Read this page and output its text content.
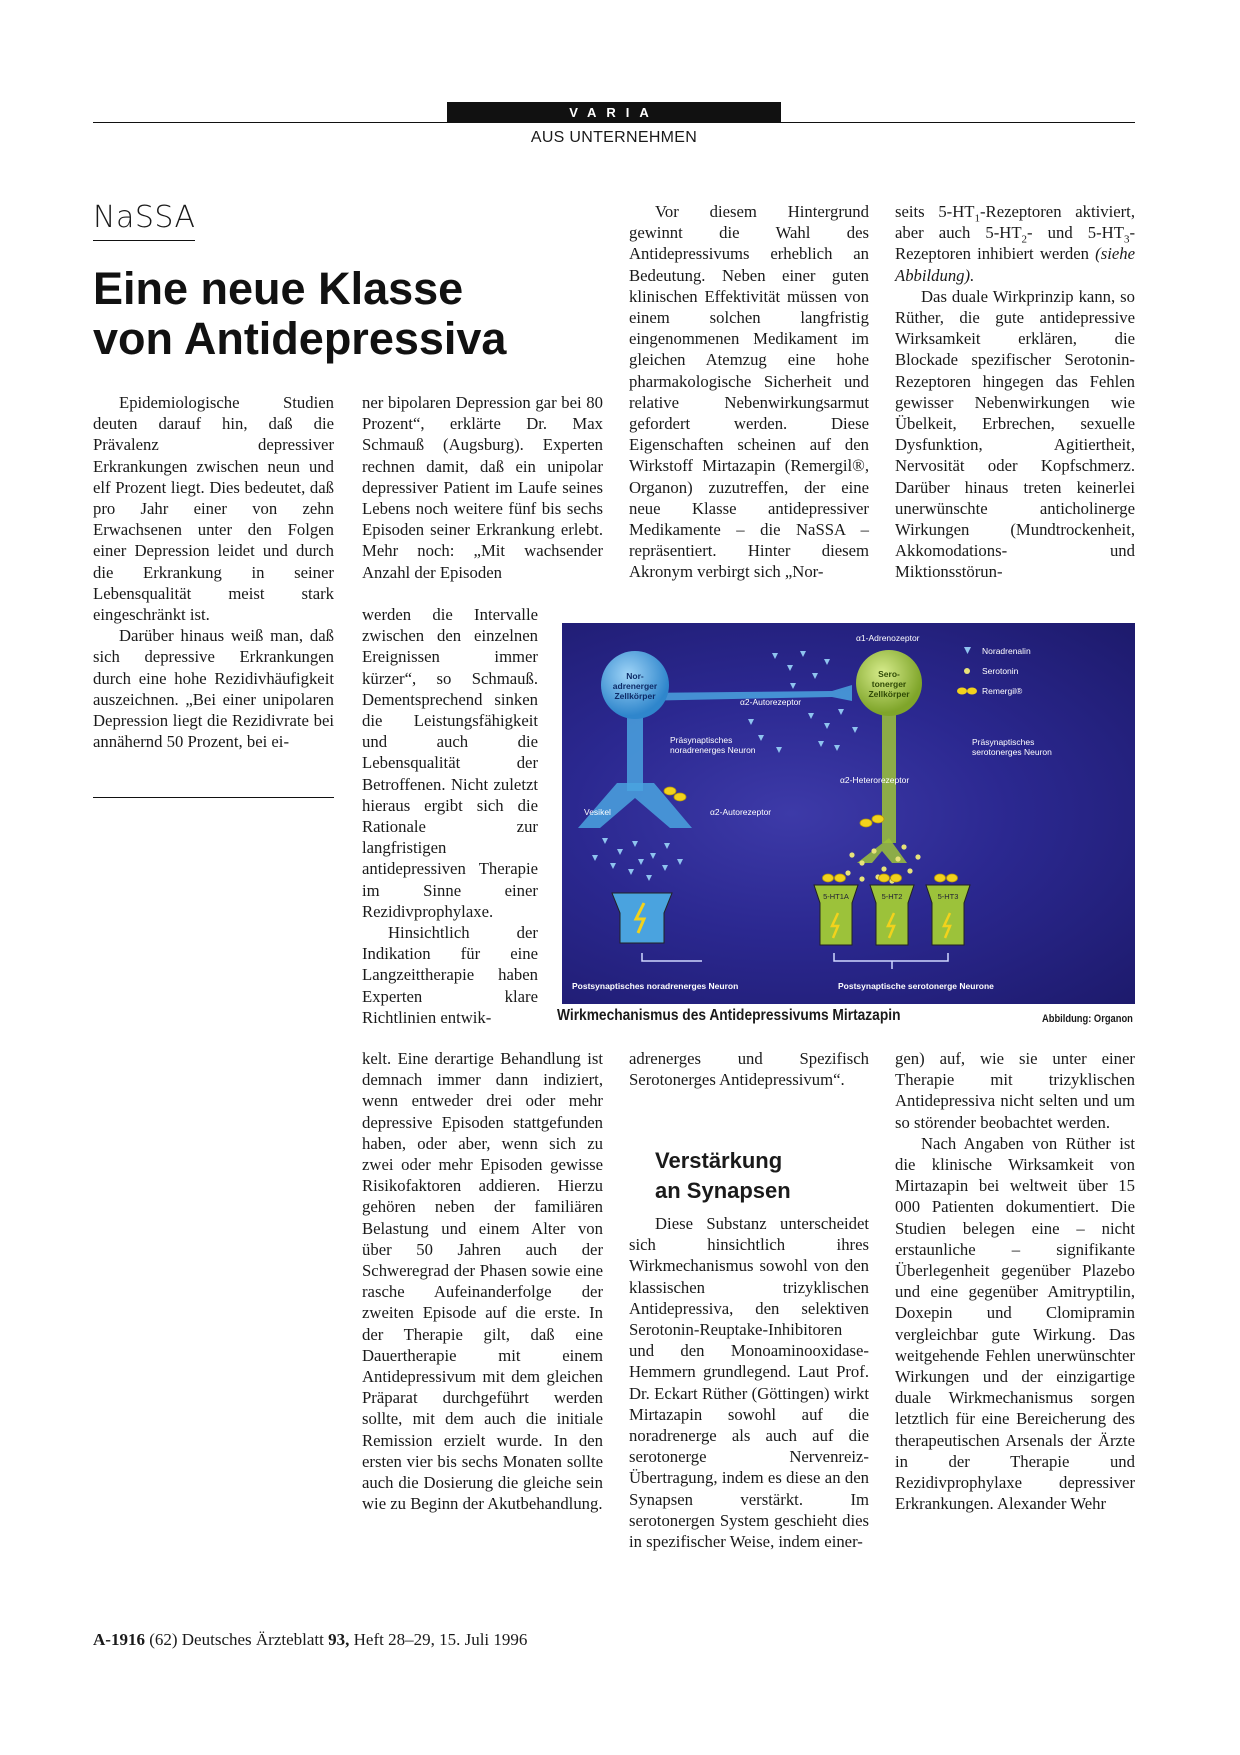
VARIA
AUS UNTERNEHMEN
NaSSA
Eine neue Klasse
von Antidepressiva

Epidemiologische Studien deuten darauf hin, daß die Prävalenz depressiver Erkrankungen zwischen neun und elf Prozent liegt. Dies bedeutet, daß pro Jahr einer von zehn Erwachsenen unter den Folgen einer Depression leidet und durch die Erkrankung in seiner Lebensqualität meist stark eingeschränkt ist.

Darüber hinaus weiß man, daß sich depressive Erkrankungen durch eine hohe Rezidivhäufigkeit auszeichnen. „Bei einer unipolaren Depression liegt die Rezidivrate bei annähernd 50 Prozent, bei ei-

ner bipolaren Depression gar bei 80 Prozent“, erklärte Dr. Max Schmauß (Augsburg). Experten rechnen damit, daß ein unipolar depressiver Patient im Laufe seines Lebens noch weitere fünf bis sechs Episoden seiner Erkrankung erlebt. Mehr noch: „Mit wachsender Anzahl der Episoden

werden die Intervalle zwischen den einzelnen Ereignissen immer kürzer“, so Schmauß. Dementsprechend sinken die Leistungsfähigkeit und auch die Lebensqualität der Betroffenen. Nicht zuletzt hieraus ergibt sich die Rationale zur langfristigen antidepressiven Therapie im Sinne einer Rezidivprophylaxe.

Hinsichtlich der Indikation für eine Langzeittherapie haben Experten klare Richtlinien entwik-

kelt. Eine derartige Behandlung ist demnach immer dann indiziert, wenn entweder drei oder mehr depressive Episoden stattgefunden haben, oder aber, wenn sich zu zwei oder mehr Episoden gewisse Risikofaktoren addieren. Hierzu gehören neben der familiären Belastung und einem Alter von über 50 Jahren auch der Schweregrad der Phasen sowie eine rasche Aufeinanderfolge der zweiten Episode auf die erste. In der Therapie gilt, daß eine Dauertherapie mit einem Antidepressivum mit dem gleichen Präparat durchgeführt werden sollte, mit dem auch die initiale Remission erzielt wurde. In den ersten vier bis sechs Monaten sollte auch die Dosierung die gleiche sein wie zu Beginn der Akutbehandlung.

Vor diesem Hintergrund gewinnt die Wahl des Antidepressivums erheblich an Bedeutung. Neben einer guten klinischen Effektivität müssen von einem solchen langfristig eingenommenen Medikament im gleichen Atemzug eine hohe pharmakologische Sicherheit und relative Nebenwirkungsarmut gefordert werden. Diese Eigenschaften scheinen auf den Wirkstoff Mirtazapin (Remergil®, Organon) zuzutreffen, der eine neue Klasse antidepressiver Medikamente – die NaSSA – repräsentiert. Hinter diesem Akronym verbirgt sich „Nor-

seits $5-HT_1$-Rezeptoren aktiviert, aber auch $5-HT_2-$ und $5-HT_3$-Rezeptoren inhibiert werden (siehe Abbildung).

Das duale Wirkprinzip kann, so Rüther, die gute antidepressive Wirksamkeit erklären, die Blockade spezifischer Serotonin-Rezeptoren hingegen das Fehlen gewisser Nebenwirkungen wie Übelkeit, Erbrechen, sexuelle Dysfunktion, Agitiertheit, Nervosität oder Kopfschmerz. Darüber hinaus treten keinerlei unerwünschte anticholinerge Wirkungen (Mundtrockenheit, Akkomodations- und Miktionsstörun-

Nor-
adrenerger
Zellkörper
Sero-
tonerger
Zellkörper
α1-Adrenozeptor
α2-Autorezeptor
Präsynaptisches
noradrenerges Neuron
Präsynaptisches
serotonerges Neuron
α2-Heterorezeptor
Vesikel	α2-Autorezeptor
5-HT1A	5-HT2	5-HT3
Postsynaptisches noradrenerges Neuron	Postsynaptische serotonerge Neurone
Noradrenalin
Serotonin
Remergil®
Wirkmechanismus des Antidepressivums Mirtazapin	Abbildung: Organon

adrenerges und Spezifisch Serotonerges Antidepressivum“.

Verstärkung
an Synapsen

Diese Substanz unterscheidet sich hinsichtlich ihres Wirkmechanismus sowohl von den klassischen trizyklischen Antidepressiva, den selektiven Serotonin-Reuptake-Inhibitoren und den Monoaminooxidase-Hemmern grundlegend. Laut Prof. Dr. Eckart Rüther (Göttingen) wirkt Mirtazapin sowohl auf die noradrenerge als auch auf die serotonerge Nervenreiz-Übertragung, indem es diese an den Synapsen verstärkt. Im serotonergen System geschieht dies in spezifischer Weise, indem einer-

gen) auf, wie sie unter einer Therapie mit trizyklischen Antidepressiva nicht selten und um so störender beobachtet werden.

Nach Angaben von Rüther ist die klinische Wirksamkeit von Mirtazapin bei weltweit über 15 000 Patienten dokumentiert. Die Studien belegen eine – nicht erstaunliche – signifikante Überlegenheit gegenüber Plazebo und eine gegenüber Amitryptilin, Doxepin und Clomipramin vergleichbar gute Wirkung. Das weitgehende Fehlen unerwünschter Wirkungen und der einzigartige duale Wirkmechanismus sorgen letztlich für eine Bereicherung des therapeutischen Arsenals der Ärzte in der Therapie und Rezidivprophylaxe depressiver Erkrankungen. Alexander Wehr

A-1916 (62) Deutsches Ärzteblatt 93, Heft 28–29, 15. Juli 1996
